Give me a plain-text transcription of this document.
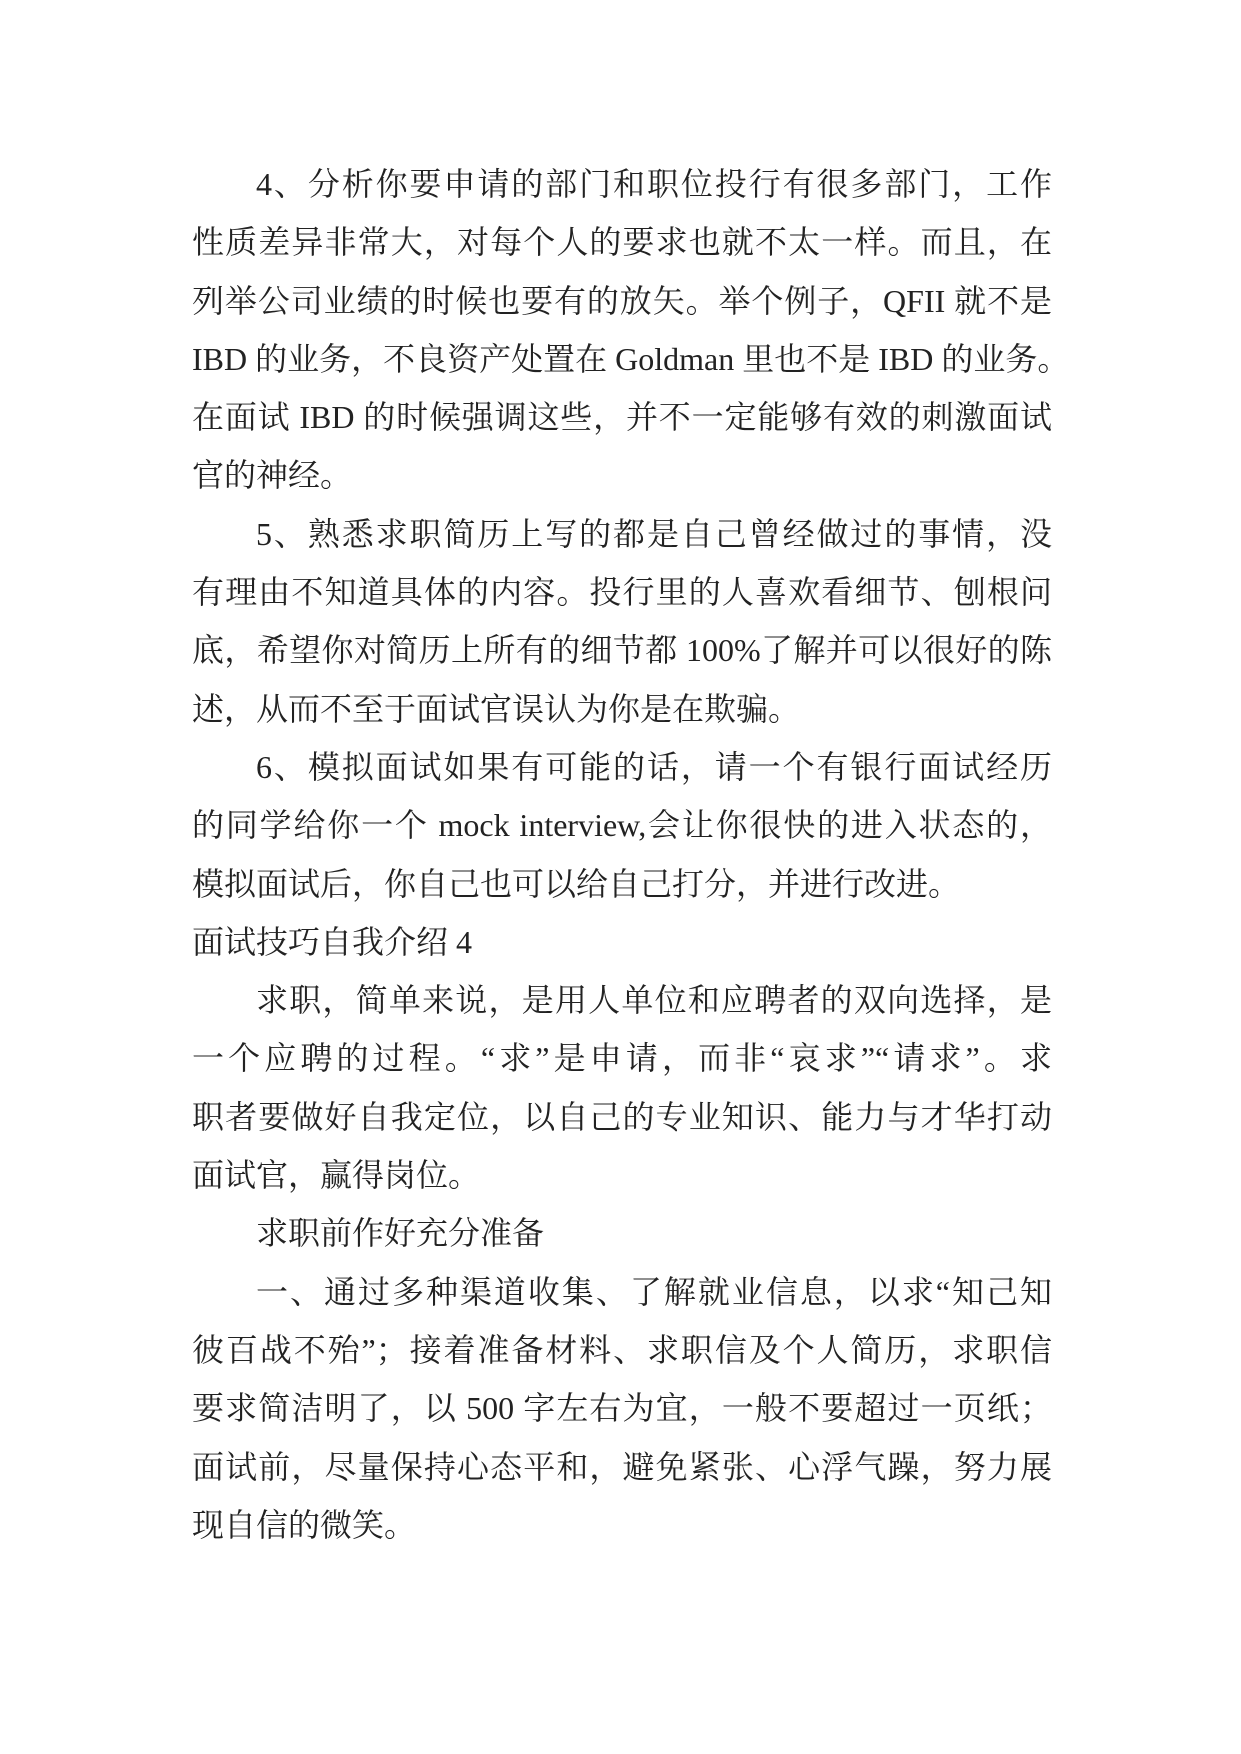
4、分析你要申请的部门和职位投行有很多部门，工作
性质差异非常大，对每个人的要求也就不太一样。而且，在
列举公司业绩的时候也要有的放矢。举个例子，QFII 就不是
IBD 的业务，不良资产处置在 Goldman 里也不是 IBD 的业务。
在面试 IBD 的时候强调这些，并不一定能够有效的刺激面试
官的神经。
5、熟悉求职简历上写的都是自己曾经做过的事情，没
有理由不知道具体的内容。投行里的人喜欢看细节、刨根问
底，希望你对简历上所有的细节都 100%了解并可以很好的陈
述，从而不至于面试官误认为你是在欺骗。
6、模拟面试如果有可能的话，请一个有银行面试经历
的同学给你一个 mock interview,会让你很快的进入状态的，
模拟面试后，你自己也可以给自己打分，并进行改进。
面试技巧自我介绍 4
求职，简单来说，是用人单位和应聘者的双向选择，是
一个应聘的过程。“求”是申请，而非“哀求”“请求”。求
职者要做好自我定位，以自己的专业知识、能力与才华打动
面试官，赢得岗位。
求职前作好充分准备
一、通过多种渠道收集、了解就业信息，以求“知己知
彼百战不殆”；接着准备材料、求职信及个人简历，求职信
要求简洁明了，以 500 字左右为宜，一般不要超过一页纸；
面试前，尽量保持心态平和，避免紧张、心浮气躁，努力展
现自信的微笑。
